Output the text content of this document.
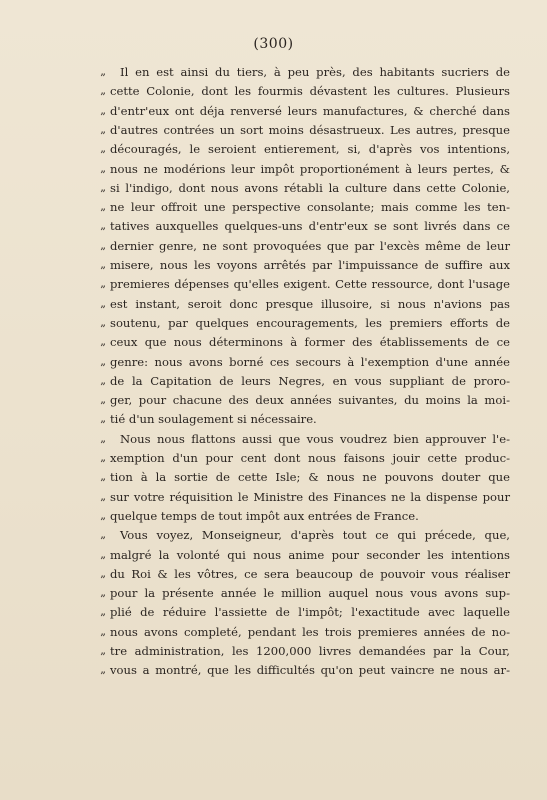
(300)
„ Il en est ainsi du tiers, à peu près, des habitants sucriers de
„ cette Colonie, dont les fourmis dévastent les cultures. Plusieurs
„ d'entr'eux ont déja renversé leurs manufactures, & cherché dans
„ d'autres contrées un sort moins désastrueux. Les autres, presque
„ découragés, le seroient entierement, si, d'après vos intentions,
„ nous ne modérions leur impôt proportionément à leurs pertes, &
„ si l'indigo, dont nous avons rétabli la culture dans cette Colonie,
„ ne leur offroit une perspective consolante; mais comme les ten-
„ tatives auxquelles quelques-uns d'entr'eux se sont livrés dans ce
„ dernier genre, ne sont provoquées que par l'excès même de leur
„ misere, nous les voyons arrêtés par l'impuissance de suffire aux
„ premieres dépenses qu'elles exigent. Cette ressource, dont l'usage
„ est instant, seroit donc presque illusoire, si nous n'avions pas
„ soutenu, par quelques encouragements, les premiers efforts de
„ ceux que nous déterminons à former des établissements de ce
„ genre: nous avons borné ces secours à l'exemption d'une année
„ de la Capitation de leurs Negres, en vous suppliant de proro-
„ ger, pour chacune des deux années suivantes, du moins la moi-
„ tié d'un soulagement si nécessaire.
„ Nous nous flattons aussi que vous voudrez bien approuver l'e-
„ xemption d'un pour cent dont nous faisons jouir cette produc-
„ tion à la sortie de cette Isle; & nous ne pouvons douter que
„ sur votre réquisition le Ministre des Finances ne la dispense pour
„ quelque temps de tout impôt aux entrées de France.
„ Vous voyez, Monseigneur, d'après tout ce qui précede, que,
„ malgré la volonté qui nous anime pour seconder les intentions
„ du Roi & les vôtres, ce sera beaucoup de pouvoir vous réaliser
„ pour la présente année le million auquel nous vous avons sup-
„ plié de réduire l'assiette de l'impôt; l'exactitude avec laquelle
„ nous avons completé, pendant les trois premieres années de no-
„ tre administration, les 1200,000 livres demandées par la Cour,
„ vous a montré, que les difficultés qu'on peut vaincre ne nous ar-
